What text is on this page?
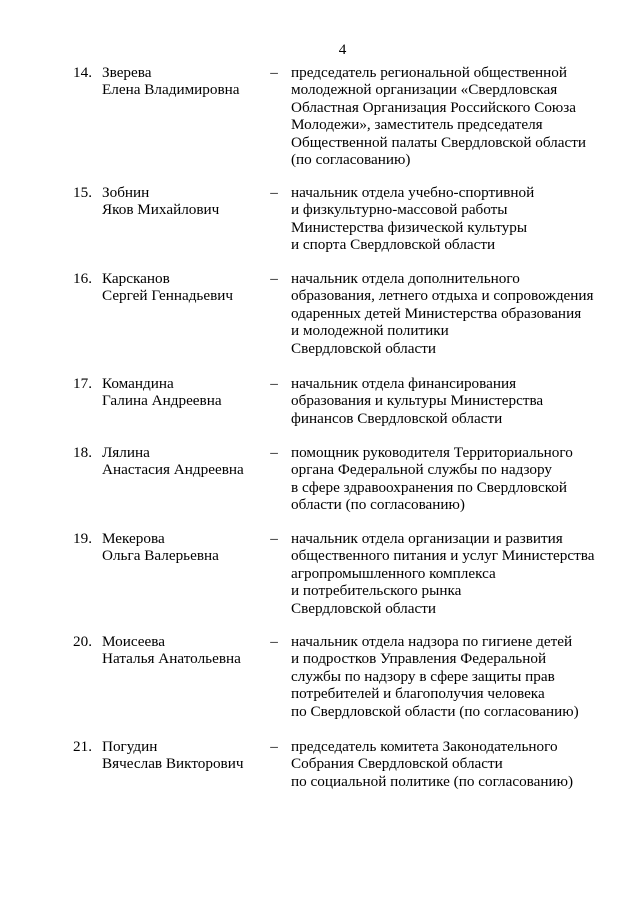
4
14. Зверева
Елена Владимировна
– председатель региональной общественной
молодежной организации «Свердловская
Областная Организация Российского Союза
Молодежи», заместитель председателя
Общественной палаты Свердловской области
(по согласованию)
15. Зобнин
Яков Михайлович
– начальник отдела учебно-спортивной
и физкультурно-массовой работы
Министерства физической культуры
и спорта Свердловской области
16. Карсканов
Сергей Геннадьевич
– начальник отдела дополнительного
образования, летнего отдыха и сопровождения
одаренных детей Министерства образования
и молодежной политики
Свердловской области
17. Командина
Галина Андреевна
– начальник отдела финансирования
образования и культуры Министерства
финансов Свердловской области
18. Лялина
Анастасия Андреевна
– помощник руководителя Территориального
органа Федеральной службы по надзору
в сфере здравоохранения по Свердловской
области (по согласованию)
19. Мекерова
Ольга Валерьевна
– начальник отдела организации и развития
общественного питания и услуг Министерства
агропромышленного комплекса
и потребительского рынка
Свердловской области
20. Моисеева
Наталья Анатольевна
– начальник отдела надзора по гигиене детей
и подростков Управления Федеральной
службы по надзору в сфере защиты прав
потребителей и благополучия человека
по Свердловской области (по согласованию)
21. Погудин
Вячеслав Викторович
– председатель комитета Законодательного
Собрания Свердловской области
по социальной политике (по согласованию)
